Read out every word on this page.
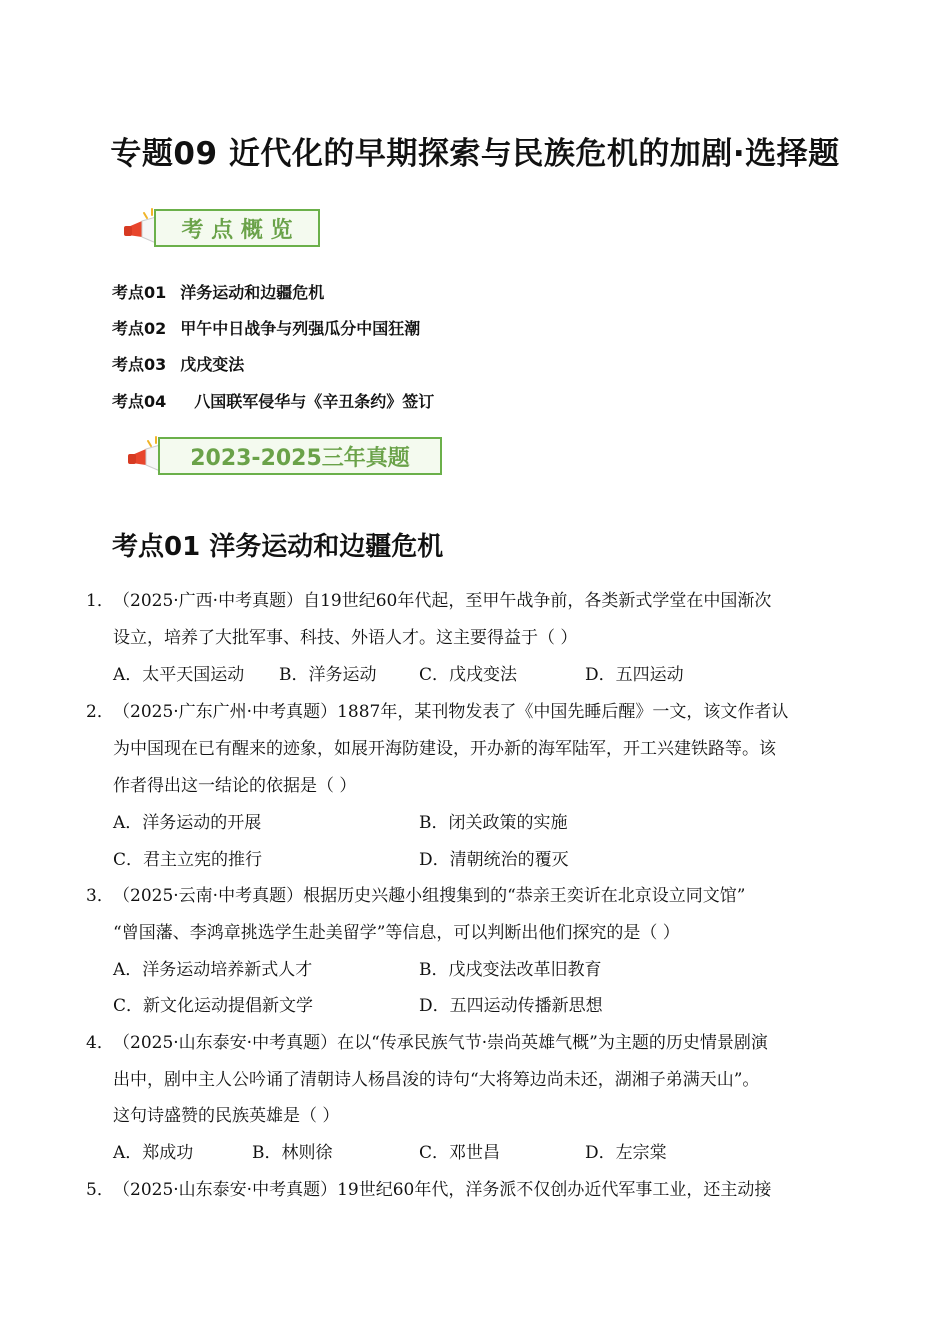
专题09 近代化的早期探索与民族危机的加剧·选择题
考 点 概 览
考点01 洋务运动和边疆危机
考点02 甲午中日战争与列强瓜分中国狂潮
考点03 戊戌变法
考点04 八国联军侵华与《辛丑条约》签订
2023-2025三年真题
考点01 洋务运动和边疆危机
1． （2025·广西·中考真题）自19世纪60年代起，至甲午战争前，各类新式学堂在中国渐次
设立，培养了大批军事、科技、外语人才。这主要得益于（ ）
A．太平天国运动 B．洋务运动	C．戊戌变法	D．五四运动
2． （2025·广东广州·中考真题）1887年，某刊物发表了《中国先睡后醒》一文，该文作者认
为中国现在已有醒来的迹象，如展开海防建设，开办新的海军陆军，开工兴建铁路等。该
作者得出这一结论的依据是（ ）
A．洋务运动的开展	B．闭关政策的实施
C．君主立宪的推行	D．清朝统治的覆灭
3． （2025·云南·中考真题）根据历史兴趣小组搜集到的“恭亲王奕䜣在北京设立同文馆”
“曾国藩、李鸿章挑选学生赴美留学”等信息，可以判断出他们探究的是（ ）
A．洋务运动培养新式人才	B．戊戌变法改革旧教育
C．新文化运动提倡新文学	D．五四运动传播新思想
4． （2025·山东泰安·中考真题）在以“传承民族气节·崇尚英雄气概”为主题的历史情景剧演
出中，剧中主人公吟诵了清朝诗人杨昌浚的诗句“大将筹边尚未还，湖湘子弟满天山”。
这句诗盛赞的民族英雄是（ ）
A．郑成功	B．林则徐	C．邓世昌	D．左宗棠
5． （2025·山东泰安·中考真题）19世纪60年代，洋务派不仅创办近代军事工业，还主动接
